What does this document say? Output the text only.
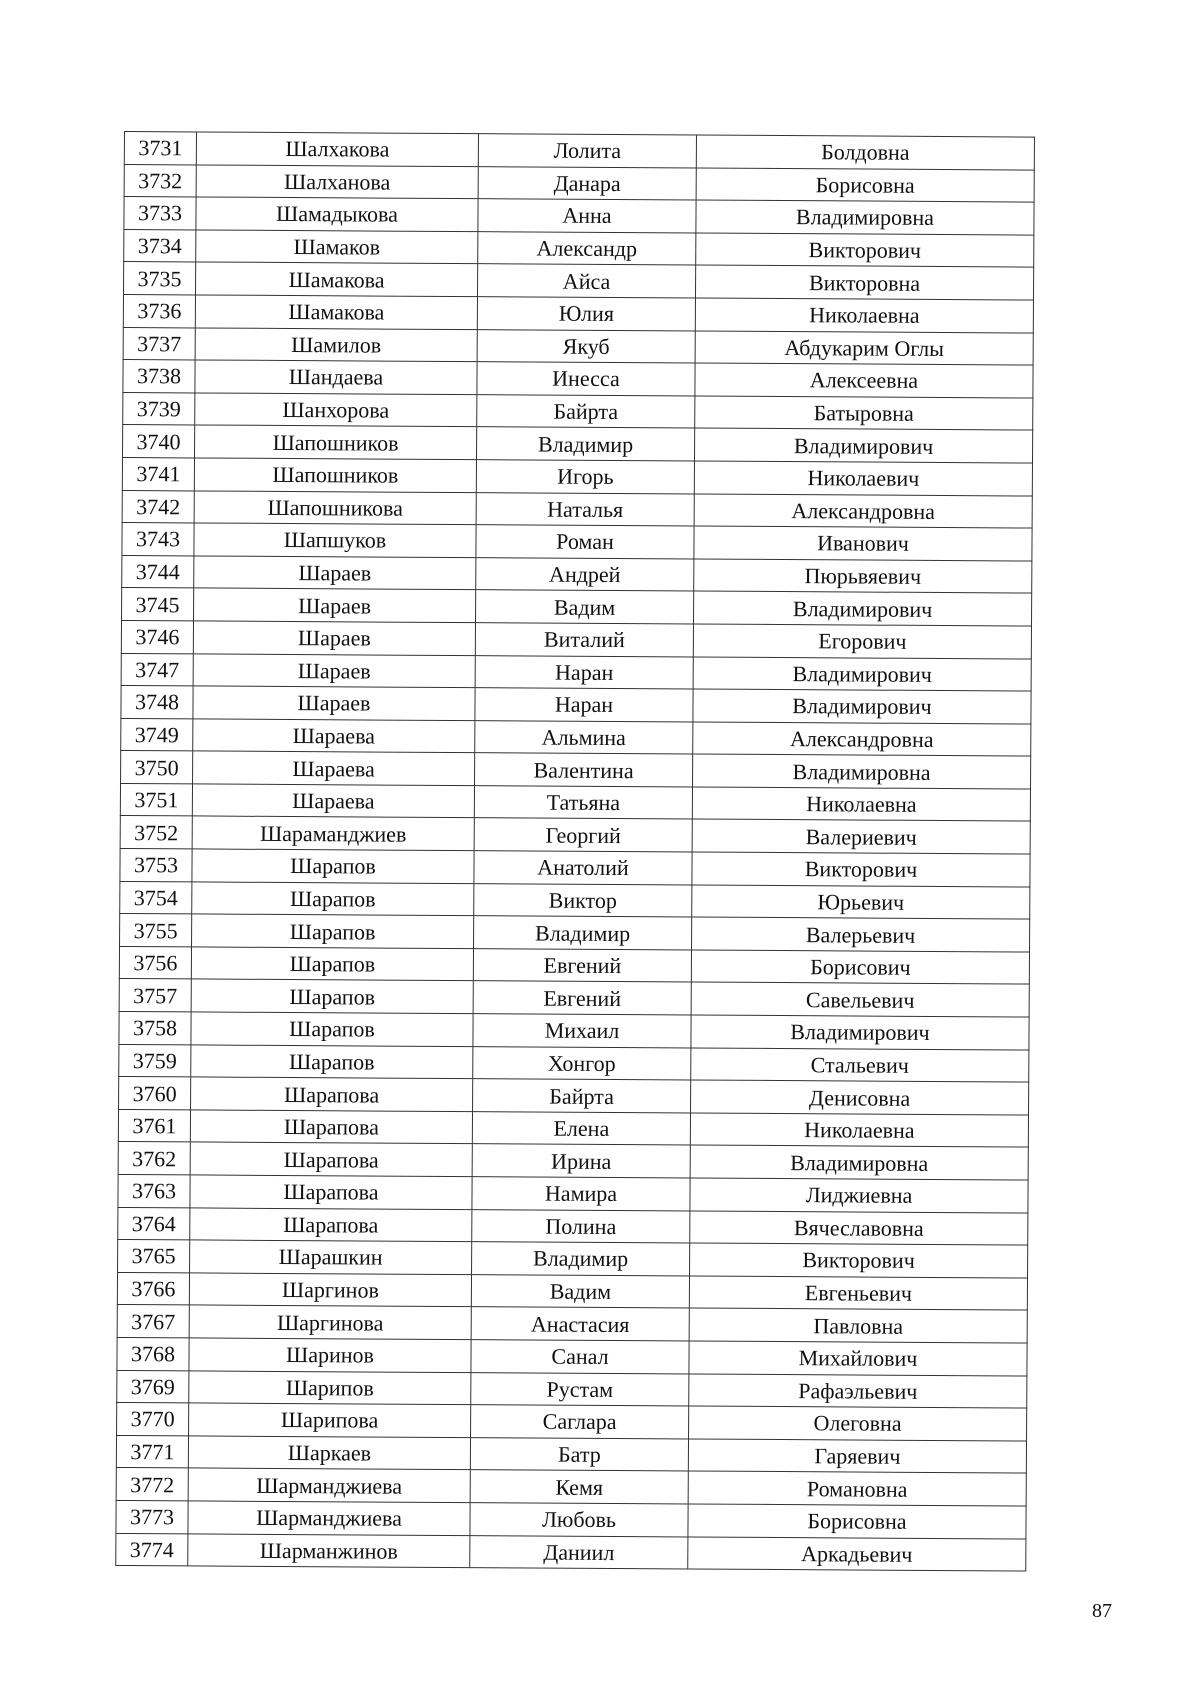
3731	Шалхакова	Лолита	Болдовна
3732	Шалханова	Данара	Борисовна
3733	Шамадыкова	Анна	Владимировна
3734	Шамаков	Александр	Викторович
3735	Шамакова	Айса	Викторовна
3736	Шамакова	Юлия	Николаевна
3737	Шамилов	Якуб	Абдукарим Оглы
3738	Шандаева	Инесса	Алексеевна
3739	Шанхорова	Байрта	Батыровна
3740	Шапошников	Владимир	Владимирович
3741	Шапошников	Игорь	Николаевич
3742	Шапошникова	Наталья	Александровна
3743	Шапшуков	Роман	Иванович
3744	Шараев	Андрей	Пюрьвяевич
3745	Шараев	Вадим	Владимирович
3746	Шараев	Виталий	Егорович
3747	Шараев	Наран	Владимирович
3748	Шараев	Наран	Владимирович
3749	Шараева	Альмина	Александровна
3750	Шараева	Валентина	Владимировна
3751	Шараева	Татьяна	Николаевна
3752	Шараманджиев	Георгий	Валериевич
3753	Шарапов	Анатолий	Викторович
3754	Шарапов	Виктор	Юрьевич
3755	Шарапов	Владимир	Валерьевич
3756	Шарапов	Евгений	Борисович
3757	Шарапов	Евгений	Савельевич
3758	Шарапов	Михаил	Владимирович
3759	Шарапов	Хонгор	Стальевич
3760	Шарапова	Байрта	Денисовна
3761	Шарапова	Елена	Николаевна
3762	Шарапова	Ирина	Владимировна
3763	Шарапова	Намира	Лиджиевна
3764	Шарапова	Полина	Вячеславовна
3765	Шарашкин	Владимир	Викторович
3766	Шаргинов	Вадим	Евгеньевич
3767	Шаргинова	Анастасия	Павловна
3768	Шаринов	Санал	Михайлович
3769	Шарипов	Рустам	Рафаэльевич
3770	Шарипова	Саглара	Олеговна
3771	Шаркаев	Батр	Гаряевич
3772	Шарманджиева	Кемя	Романовна
3773	Шарманджиева	Любовь	Борисовна
3774	Шарманжинов	Даниил	Аркадьевич
87
